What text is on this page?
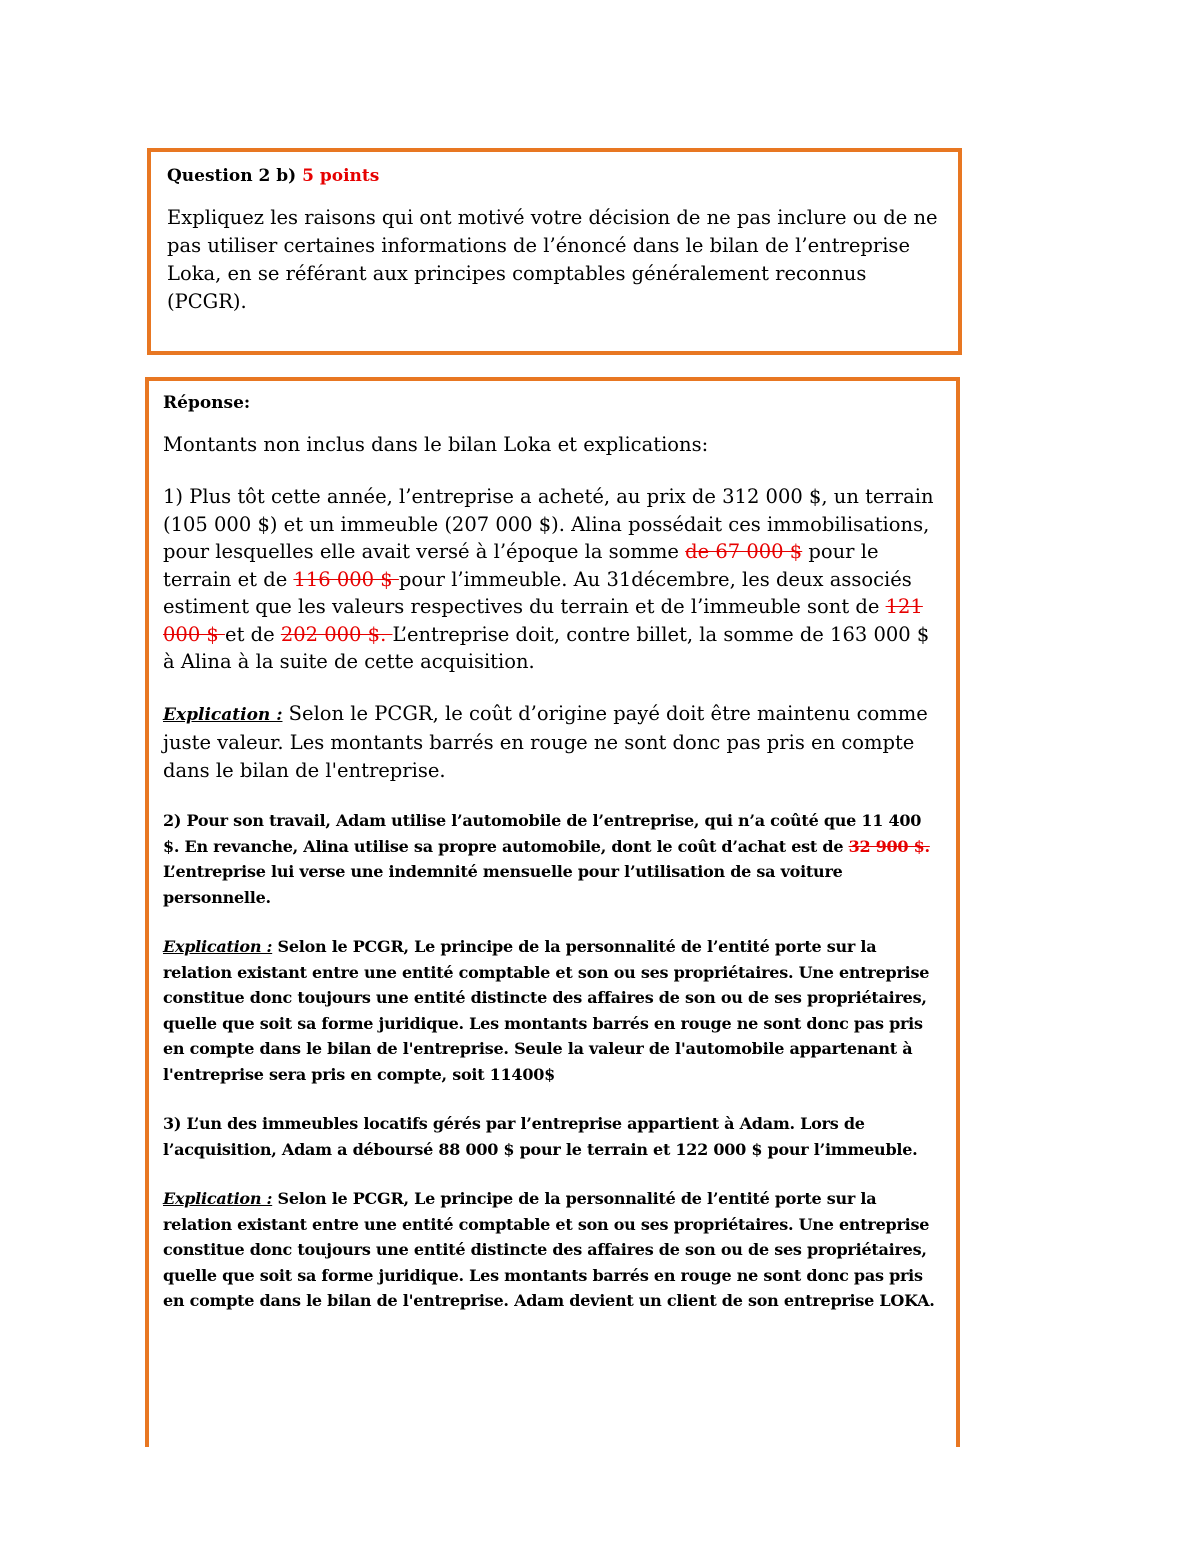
Question 2 b) 5 points

Expliquez les raisons qui ont motivé votre décision de ne pas inclure ou de ne pas utiliser certaines informations de l’énoncé dans le bilan de l’entreprise Loka, en se référant aux principes comptables généralement reconnus (PCGR).

Réponse:

Montants non inclus dans le bilan Loka et explications:

1) Plus tôt cette année, l’entreprise a acheté, au prix de 312 000 $, un terrain (105 000 $) et un immeuble (207 000 $). Alina possédait ces immobilisations, pour lesquelles elle avait versé à l’époque la somme de 67 000 $ pour le terrain et de 116 000 $ pour l’immeuble. Au 31décembre, les deux associés estiment que les valeurs respectives du terrain et de l’immeuble sont de 121 000 $ et de 202 000 $. L’entreprise doit, contre billet, la somme de 163 000 $ à Alina à la suite de cette acquisition.

Explication : Selon le PCGR, le coût d’origine payé doit être maintenu comme juste valeur. Les montants barrés en rouge ne sont donc pas pris en compte dans le bilan de l'entreprise.

2) Pour son travail, Adam utilise l’automobile de l’entreprise, qui n’a coûté que 11 400 $. En revanche, Alina utilise sa propre automobile, dont le coût d’achat est de 32 900 $. L’entreprise lui verse une indemnité mensuelle pour l’utilisation de sa voiture personnelle.

Explication : Selon le PCGR, Le principe de la personnalité de l’entité porte sur la relation existant entre une entité comptable et son ou ses propriétaires. Une entreprise constitue donc toujours une entité distincte des affaires de son ou de ses propriétaires, quelle que soit sa forme juridique. Les montants barrés en rouge ne sont donc pas pris en compte dans le bilan de l'entreprise. Seule la valeur de l'automobile appartenant à l'entreprise sera pris en compte, soit 11400$

3) L’un des immeubles locatifs gérés par l’entreprise appartient à Adam. Lors de l’acquisition, Adam a déboursé 88 000 $ pour le terrain et 122 000 $ pour l’immeuble.

Explication : Selon le PCGR, Le principe de la personnalité de l’entité porte sur la relation existant entre une entité comptable et son ou ses propriétaires. Une entreprise constitue donc toujours une entité distincte des affaires de son ou de ses propriétaires, quelle que soit sa forme juridique. Les montants barrés en rouge ne sont donc pas pris en compte dans le bilan de l'entreprise. Adam devient un client de son entreprise LOKA.
